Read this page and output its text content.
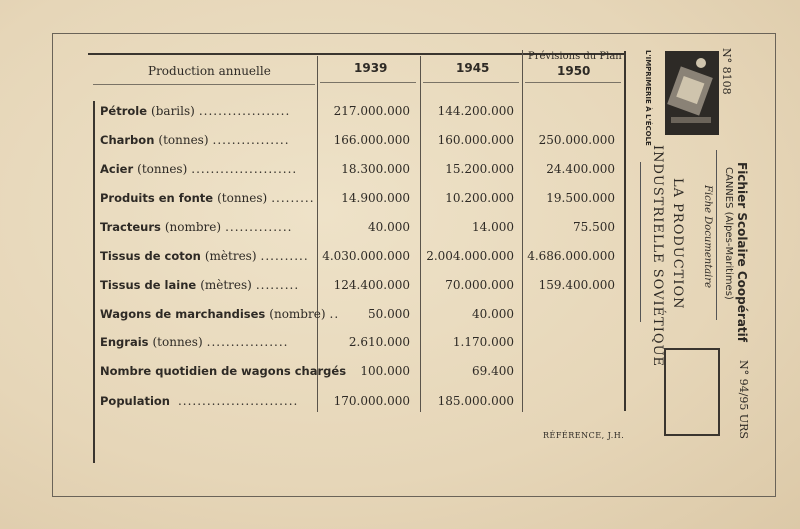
Production annuelle	1939	1945
Prévisions du Plan
1950
Pétrole (barils) ...................	217.000.000 144.200.000
Charbon (tonnes) ................	166.000.000 160.000.000 250.000.000
Acier (tonnes) ......................	18.300.000	15.200.000	24.400.000
Produits en fonte (tonnes) ......... 14.900.000	10.200.000	19.500.000
Tracteurs (nombre) ..............	40.000	14.000	75.500
Tissus de coton (mètres) .......... 4.030.000.000 2.004.000.000 4.686.000.000
Tissus de laine (mètres) .........	124.400.000	70.000.000 159.400.000
Wagons de marchandises (nombre) .. 50.000	40.000
Engrais (tonnes) .................	2.610.000	1.170.000
Nombre quotidien de wagons chargés	100.000	69.400
Population .........................	170.000.000 185.000.000
RÉFÉRENCE, J.H.
N° 8108
L'IMPRIMERIE À L'ÉCOLE
Fichier Scolaire Coopératif
CANNES (Alpes-Maritimes)
Fiche Documentaire
LA PRODUCTION
INDUSTRIELLE SOVIÉTIQUE
N° 94/95 URS
